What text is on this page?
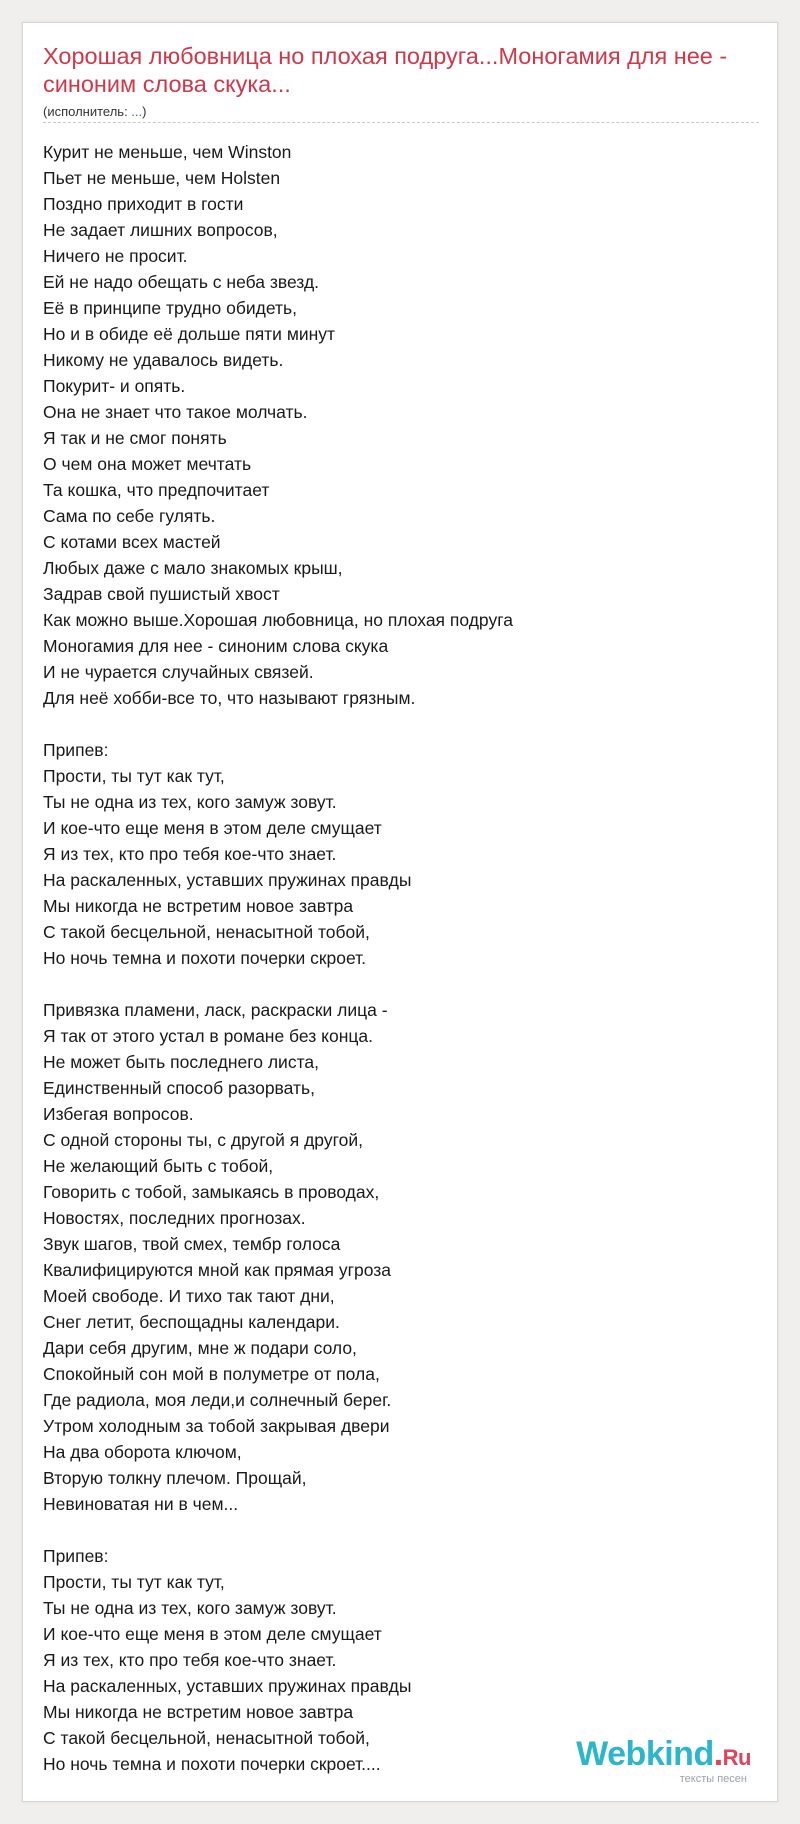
Хорошая любовница но плохая подруга...Моногамия для нее - синоним слова скука...
(исполнитель: ...)
Курит не меньше, чем Winston
Пьет не меньше, чем Holsten
Поздно приходит в гости
Не задает лишних вопросов,
Ничего не просит.
Ей не надо обещать с неба звезд.
Её в принципе трудно обидеть,
Но и в обиде её дольше пяти минут
Никому не удавалось видеть.
Покурит- и опять.
Она не знает что такое молчать.
Я так и не смог понять
О чем она может мечтать
Та кошка, что предпочитает
Сама по себе гулять.
С котами всех мастей
Любых даже с мало знакомых крыш,
Задрав свой пушистый хвост
Как можно выше.Хорошая любовница, но плохая подруга
Моногамия для нее - синоним слова скука
И не чурается случайных связей.
Для неё хобби-все то, что называют грязным.

Припев:
Прости, ты тут как тут,
Ты не одна из тех, кого замуж зовут.
И кое-что еще меня в этом деле смущает
Я из тех, кто про тебя кое-что знает.
На раскаленных, уставших пружинах правды
Мы никогда не встретим новое завтра
С такой бесцельной, ненасытной тобой,
Но ночь темна и похоти почерки скроет.

Привязка пламени, ласк, раскраски лица -
Я так от этого устал в романе без конца.
Не может быть последнего листа,
Единственный способ разорвать,
Избегая вопросов.
С одной стороны ты, с другой я другой,
Не желающий быть с тобой,
Говорить с тобой, замыкаясь в проводах,
Новостях, последних прогнозах.
Звук шагов, твой смех, тембр голоса
Квалифицируются мной как прямая угроза
Моей свободе. И тихо так тают дни,
Снег летит, беспощадны календари.
Дари себя другим, мне ж подари соло,
Спокойный сон мой в полуметре от пола,
Где радиола, моя леди,и солнечный берег.
Утром холодным за тобой закрывая двери
На два оборота ключом,
Вторую толкну плечом. Прощай,
Невиноватая ни в чем...

Припев:
Прости, ты тут как тут,
Ты не одна из тех, кого замуж зовут.
И кое-что еще меня в этом деле смущает
Я из тех, кто про тебя кое-что знает.
На раскаленных, уставших пружинах правды
Мы никогда не встретим новое завтра
С такой бесцельной, ненасытной тобой,
Но ночь темна и похоти почерки скроет....	Webkind.Ru
тексты песен
